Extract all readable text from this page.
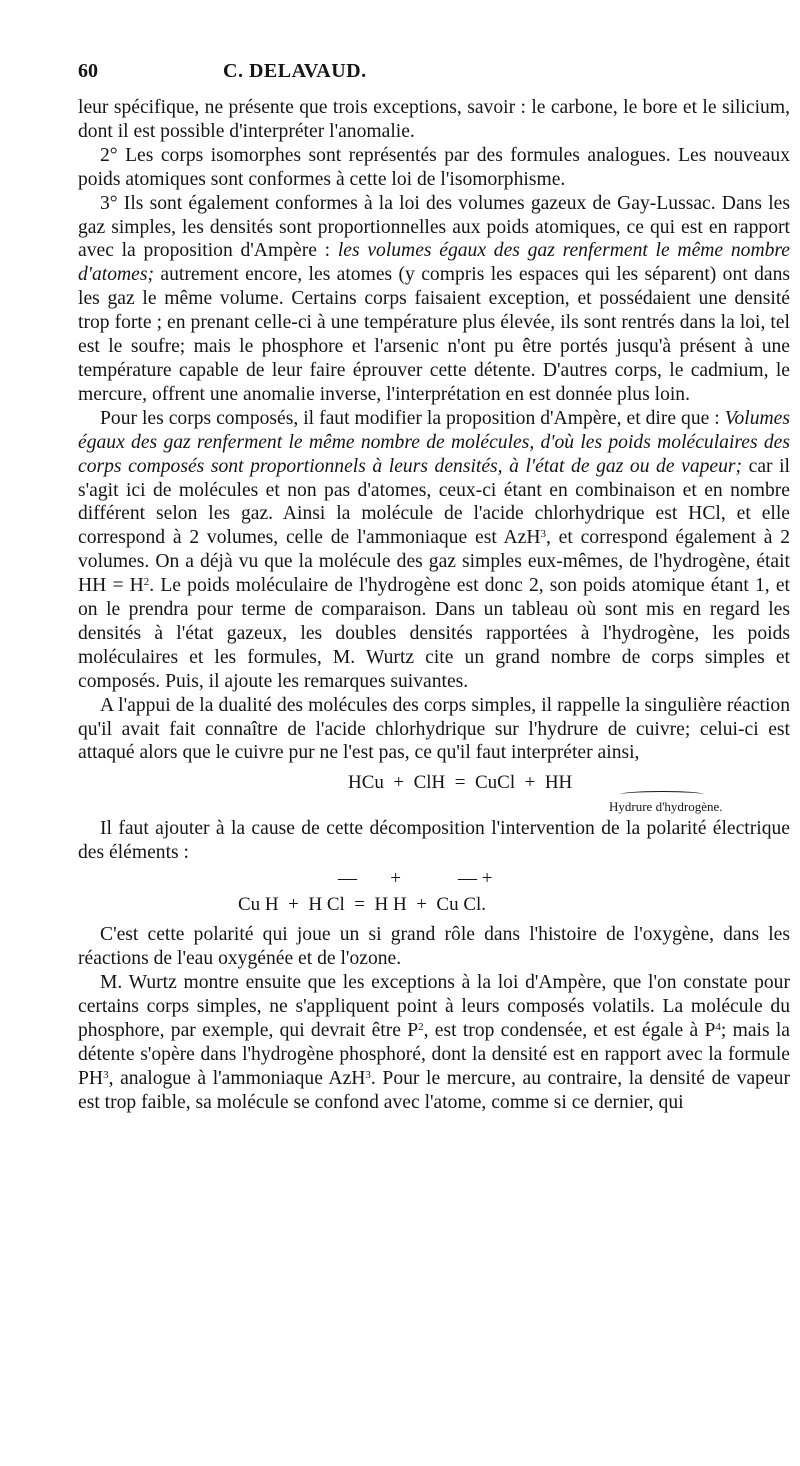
60	C. DELAVAUD.

leur spécifique, ne présente que trois exceptions, savoir : le carbone, le bore et le silicium, dont il est possible d'interpréter l'anomalie.

2° Les corps isomorphes sont représentés par des formules analogues. Les nouveaux poids atomiques sont conformes à cette loi de l'isomorphisme.

3° Ils sont également conformes à la loi des volumes gazeux de Gay-Lussac. Dans les gaz simples, les densités sont proportionnelles aux poids atomiques, ce qui est en rapport avec la proposition d'Ampère : les volumes égaux des gaz renferment le même nombre d'atomes; autrement encore, les atomes (y compris les espaces qui les séparent) ont dans les gaz le même volume. Certains corps faisaient exception, et possédaient une densité trop forte ; en prenant celle-ci à une température plus élevée, ils sont rentrés dans la loi, tel est le soufre; mais le phosphore et l'arsenic n'ont pu être portés jusqu'à présent à une température capable de leur faire éprouver cette détente. D'autres corps, le cadmium, le mercure, offrent une anomalie inverse, l'interprétation en est donnée plus loin.

Pour les corps composés, il faut modifier la proposition d'Ampère, et dire que : Volumes égaux des gaz renferment le même nombre de molécules, d'où les poids moléculaires des corps composés sont proportionnels à leurs densités, à l'état de gaz ou de vapeur; car il s'agit ici de molécules et non pas d'atomes, ceux-ci étant en combinaison et en nombre différent selon les gaz. Ainsi la molécule de l'acide chlorhydrique est HCl, et elle correspond à 2 volumes, celle de l'ammoniaque est AzH$^3$, et correspond également à 2 volumes. On a déjà vu que la molécule des gaz simples eux-mêmes, de l'hydrogène, était HH = $H^2$. Le poids moléculaire de l'hydrogène est donc 2, son poids atomique étant 1, et on le prendra pour terme de comparaison. Dans un tableau où sont mis en regard les densités à l'état gazeux, les doubles densités rapportées à l'hydrogène, les poids moléculaires et les formules, M. Wurtz cite un grand nombre de corps simples et composés. Puis, il ajoute les remarques suivantes.

A l'appui de la dualité des molécules des corps simples, il rappelle la singulière réaction qu'il avait fait connaître de l'acide chlorhydrique sur l'hydrure de cuivre; celui-ci est attaqué alors que le cuivre pur ne l'est pas, ce qu'il faut interpréter ainsi,

HCu  +  ClH  =  CuCl  +  HH
Hydrure d'hydrogène.

Il faut ajouter à la cause de cette décomposition l'intervention de la polarité électrique des éléments :

—       +            — +
Cu H  +  H Cl  =  H H  +  Cu Cl.

C'est cette polarité qui joue un si grand rôle dans l'histoire de l'oxygène, dans les réactions de l'eau oxygénée et de l'ozone.

M. Wurtz montre ensuite que les exceptions à la loi d'Ampère, que l'on constate pour certains corps simples, ne s'appliquent point à leurs composés volatils. La molécule du phosphore, par exemple, qui devrait être $P^2$, est trop condensée, et est égale à $P^4$; mais la détente s'opère dans l'hydrogène phosphoré, dont la densité est en rapport avec la formule $PH^3$, analogue à l'ammoniaque AzH$^3$. Pour le mercure, au contraire, la densité de vapeur est trop faible, sa molécule se confond avec l'atome, comme si ce dernier, qui
